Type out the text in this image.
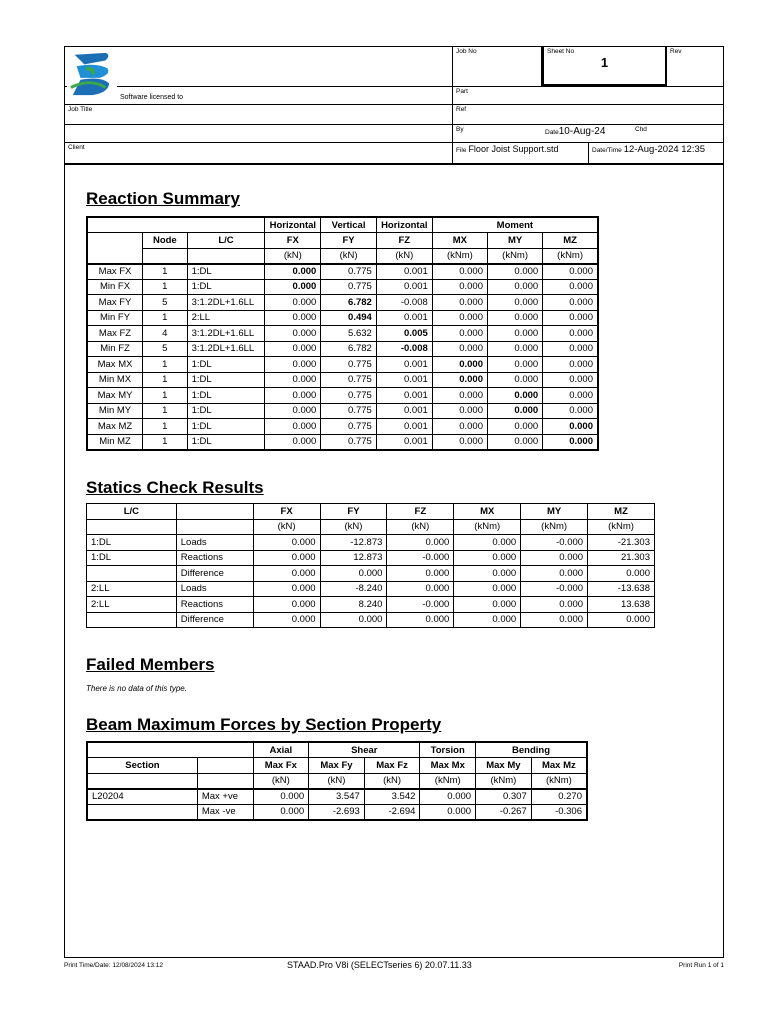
Job No	Sheet No
1
Rev
Software licensed to
Part
Job Title	Ref
By	Date10-Aug-24	Chd
Client	File Floor Joist Support.std	Date/Time 12-Aug-2024 12:35
Reaction Summary
			Horizontal	Vertical	Horizontal	Moment		
	Node	L/C	FX	FY	FZ	MX	MY	MZ
			(kN)	(kN)	(kN)	(kNm)	(kNm)	(kNm)
Max FX	1	1:DL	0.000	0.775	0.001	0.000	0.000	0.000
Min FX	1	1:DL	0.000	0.775	0.001	0.000	0.000	0.000
Max FY	5	3:1.2DL+1.6LL	0.000	6.782	-0.008	0.000	0.000	0.000
Min FY	1	2:LL	0.000	0.494	0.001	0.000	0.000	0.000
Max FZ	4	3:1.2DL+1.6LL	0.000	5.632	0.005	0.000	0.000	0.000
Min FZ	5	3:1.2DL+1.6LL	0.000	6.782	-0.008	0.000	0.000	0.000
Max MX	1	1:DL	0.000	0.775	0.001	0.000	0.000	0.000
Min MX	1	1:DL	0.000	0.775	0.001	0.000	0.000	0.000
Max MY	1	1:DL	0.000	0.775	0.001	0.000	0.000	0.000
Min MY	1	1:DL	0.000	0.775	0.001	0.000	0.000	0.000
Max MZ	1	1:DL	0.000	0.775	0.001	0.000	0.000	0.000
Min MZ	1	1:DL	0.000	0.775	0.001	0.000	0.000	0.000
Statics Check Results
L/C		FX	FY	FZ	MX	MY	MZ
		(kN)	(kN)	(kN)	(kNm)	(kNm)	(kNm)
1:DL	Loads	0.000	-12.873	0.000	0.000	-0.000	-21.303
1:DL	Reactions	0.000	12.873	-0.000	0.000	0.000	21.303
	Difference	0.000	0.000	0.000	0.000	0.000	0.000
2:LL	Loads	0.000	-8.240	0.000	0.000	-0.000	-13.638
2:LL	Reactions	0.000	8.240	-0.000	0.000	0.000	13.638
	Difference	0.000	0.000	0.000	0.000	0.000	0.000
Failed Members
There is no data of this type.
Beam Maximum Forces by Section Property
		Axial	Shear		Torsion	Bending	
Section		Max Fx	Max Fy	Max Fz	Max Mx	Max My	Max Mz
		(kN)	(kN)	(kN)	(kNm)	(kNm)	(kNm)
L20204	Max +ve	0.000	3.547	3.542	0.000	0.307	0.270
	Max -ve	0.000	-2.693	-2.694	0.000	-0.267	-0.306
Print Time/Date: 12/08/2024 13:12	STAAD.Pro V8i (SELECTseries 6) 20.07.11.33	Print Run 1 of 1
